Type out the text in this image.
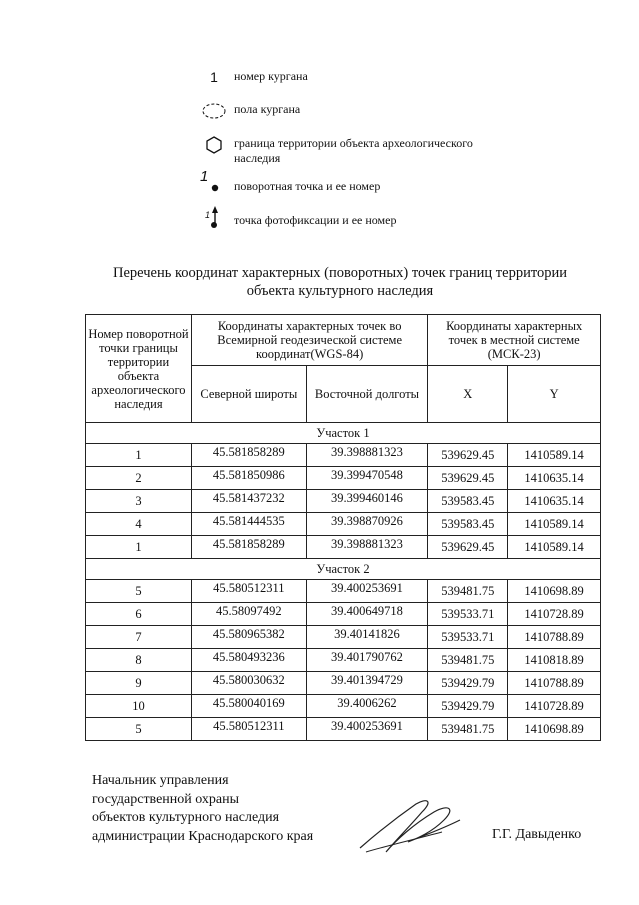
1 номер кургана
пола кургана
граница территории объекта археологического наследия
1
поворотная точка и ее номер
1 точка фотофиксации и ее номер
Перечень координат характерных (поворотных) точек границ территории объекта культурного наследия
Номер поворотной точки границы территории объекта археологического наследия	Координаты характерных точек во Всемирной геодезической системе координат(WGS-84)		Координаты характерных точек в местной системе (МСК-23)	
	Северной широты	Восточной долготы	X	Y
Участок 1				
1	45.581858289	39.398881323	539629.45	1410589.14
2	45.581850986	39.399470548	539629.45	1410635.14
3	45.581437232	39.399460146	539583.45	1410635.14
4	45.581444535	39.398870926	539583.45	1410589.14
1	45.581858289	39.398881323	539629.45	1410589.14
Участок 2				
5	45.580512311	39.400253691	539481.75	1410698.89
6	45.58097492	39.400649718	539533.71	1410728.89
7	45.580965382	39.40141826	539533.71	1410788.89
8	45.580493236	39.401790762	539481.75	1410818.89
9	45.580030632	39.401394729	539429.79	1410788.89
10	45.580040169	39.4006262	539429.79	1410728.89
5	45.580512311	39.400253691	539481.75	1410698.89
Начальник управления
государственной охраны
объектов культурного наследия
администрации Краснодарского края	Г.Г. Давыденко
